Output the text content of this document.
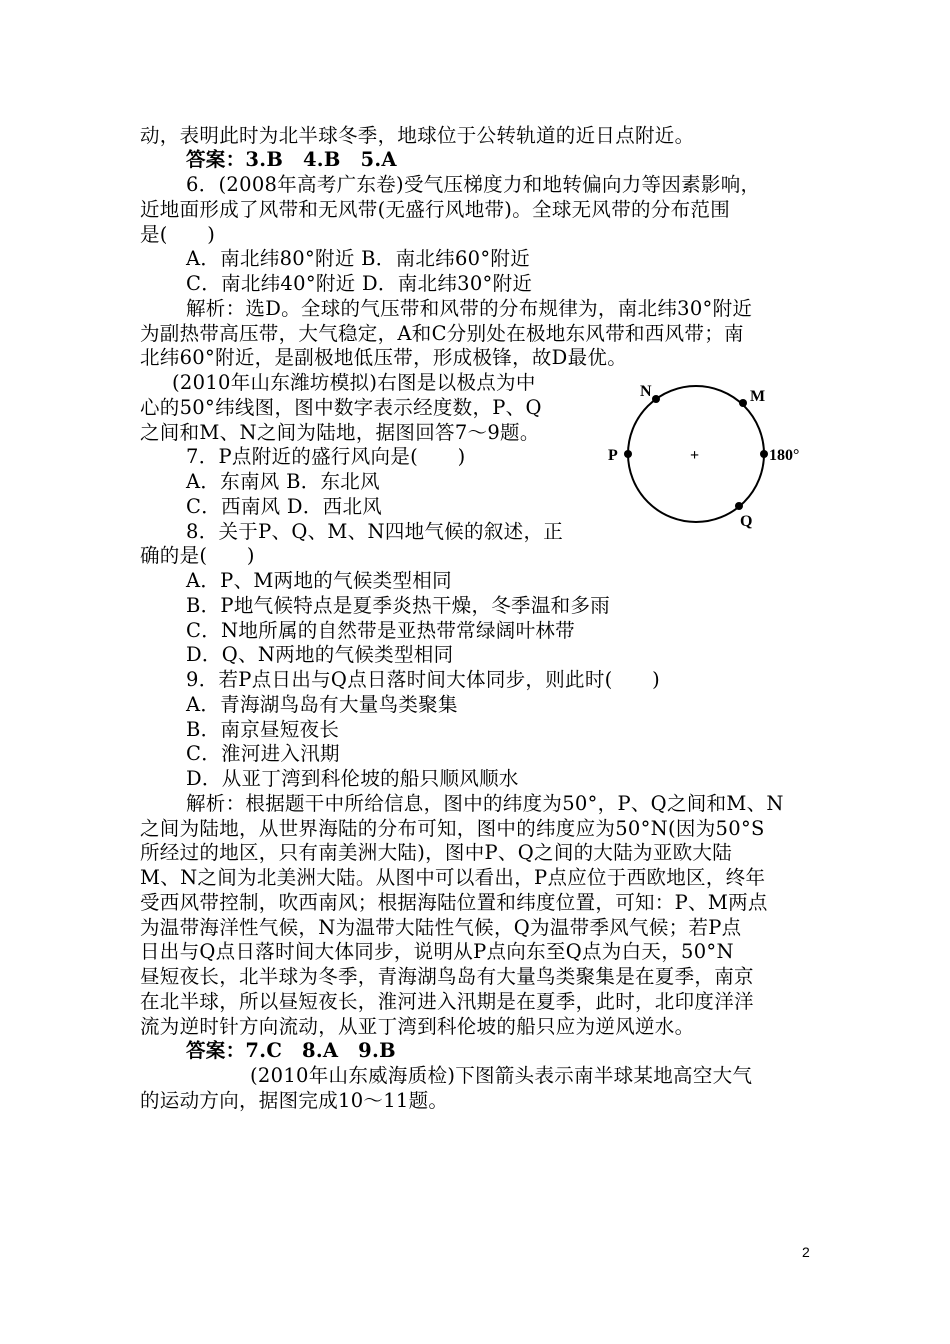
动，表明此时为北半球冬季，地球位于公转轨道的近日点附近。
答案：3.B　4.B　5.A
6．(2008年高考广东卷)受气压梯度力和地转偏向力等因素影响，
近地面形成了风带和无风带(无盛行风地带)。全球无风带的分布范围
是(　　)
A．南北纬80°附近 B．南北纬60°附近
C．南北纬40°附近 D．南北纬30°附近
解析：选D。全球的气压带和风带的分布规律为，南北纬30°附近
为副热带高压带，大气稳定，A和C分别处在极地东风带和西风带；南
北纬60°附近，是副极地低压带，形成极锋，故D最优。
(2010年山东潍坊模拟)右图是以极点为中
心的50°纬线图，图中数字表示经度数，P、Q
之间和M、N之间为陆地，据图回答7～9题。
7．P点附近的盛行风向是(　　)
A．东南风 B．东北风
C．西南风 D．西北风
8．关于P、Q、M、N四地气候的叙述，正
确的是(　　)
A．P、M两地的气候类型相同
B．P地气候特点是夏季炎热干燥，冬季温和多雨
C．N地所属的自然带是亚热带常绿阔叶林带
D．Q、N两地的气候类型相同
9．若P点日出与Q点日落时间大体同步，则此时(　　)
A．青海湖鸟岛有大量鸟类聚集
B．南京昼短夜长
C．淮河进入汛期
D．从亚丁湾到科伦坡的船只顺风顺水
解析：根据题干中所给信息，图中的纬度为50°，P、Q之间和M、N
之间为陆地，从世界海陆的分布可知，图中的纬度应为50°N(因为50°S
所经过的地区，只有南美洲大陆)，图中P、Q之间的大陆为亚欧大陆
M、N之间为北美洲大陆。从图中可以看出，P点应位于西欧地区，终年
受西风带控制，吹西南风；根据海陆位置和纬度位置，可知：P、M两点
为温带海洋性气候，N为温带大陆性气候，Q为温带季风气候；若P点
日出与Q点日落时间大体同步，说明从P点向东至Q点为白天，50°N
昼短夜长，北半球为冬季，青海湖鸟岛有大量鸟类聚集是在夏季，南京
在北半球，所以昼短夜长，淮河进入汛期是在夏季，此时，北印度洋洋
流为逆时针方向流动，从亚丁湾到科伦坡的船只应为逆风逆水。
答案：7.C　8.A　9.B
(2010年山东威海质检)下图箭头表示南半球某地高空大气
的运动方向，据图完成10～11题。
N	M
P	180°
Q
+
2
